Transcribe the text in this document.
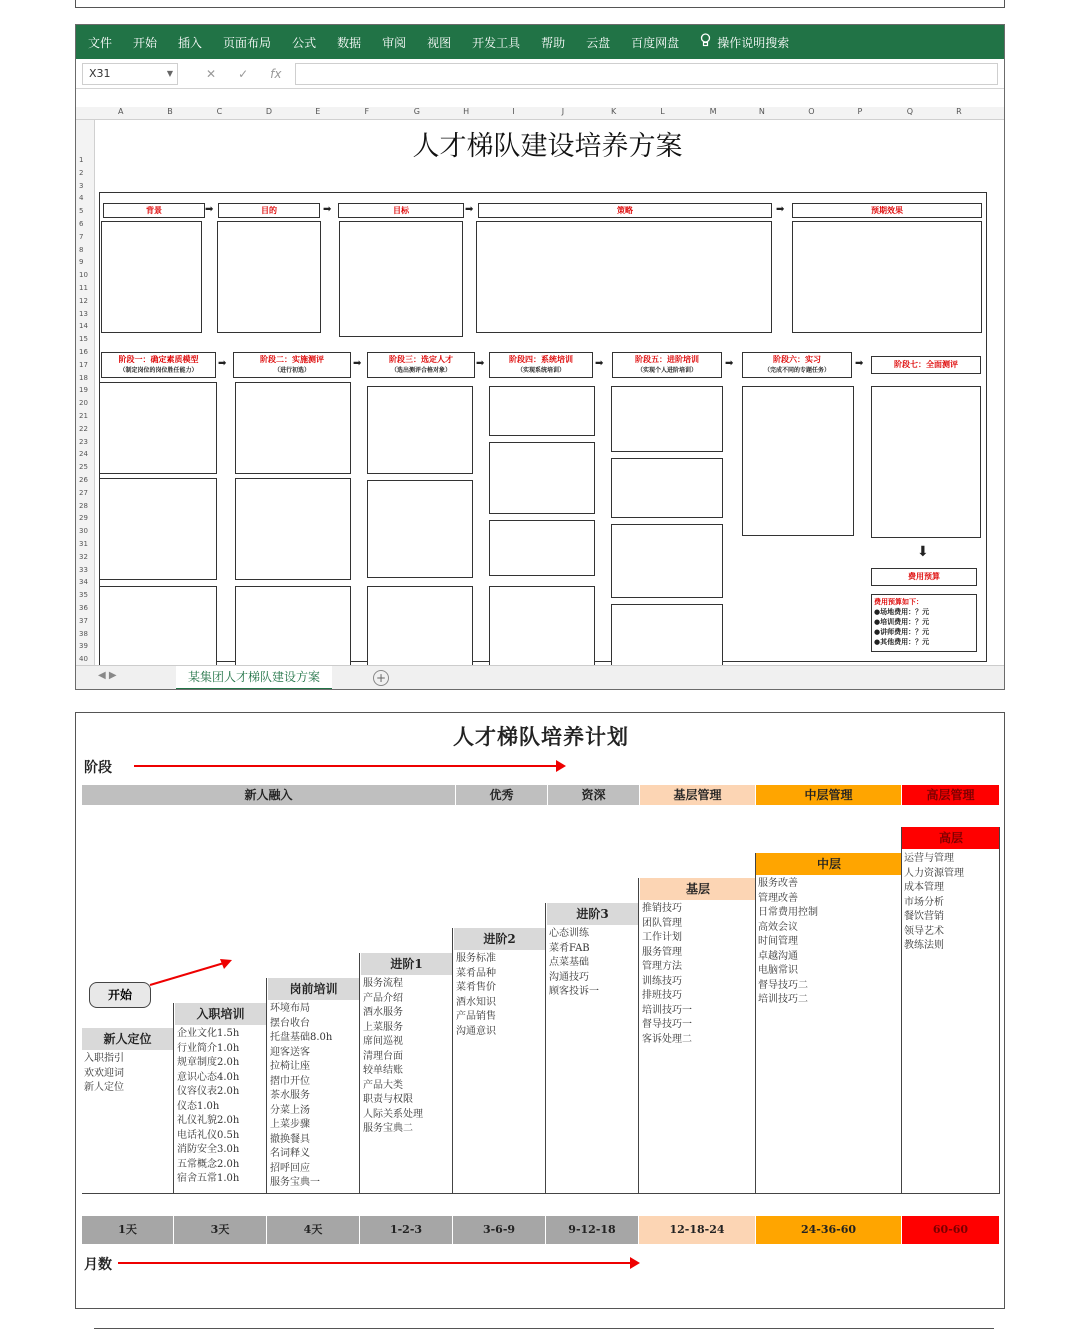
文件 开始 插入 页面布局 公式 数据 审阅 视图 开发工具 帮助 云盘 百度网盘	操作说明搜索
X31	▼	✕ ✓ fx
A	B	C	D	E	F	G	H	I	J	K	L	M	N	O	P	Q	R
1
2
3
4
5
6
7
8
9
10
11
12
13
14
15
16
17
18
19
20
21
22
23
24
25
26
27
28
29
30
31
32
33
34
35
36
37
38
39
40
人才梯队建设培养方案
背景	➡	目的	➡	目标	➡	策略	➡	预期效果
阶段一：确定素质模型
（制定岗位的岗位胜任能力）
➡	阶段二：实施测评
（进行初选）
➡	阶段三：选定人才
（选出测评合格对象）
➡	阶段四：系统培训
（实现系统培训）
➡	阶段五：进阶培训
（实现个人进阶培训）
➡	阶段六：实习
（完成不同的专题任务）
➡	阶段七：全面测评
⬇
费用预算
费用预算如下：
●场地费用：？元
●培训费用：？元
●讲师费用：？元
●其他费用：？元
◀ ▶	某集团人才梯队建设方案	+
人才梯队培养计划
阶段
新人融入	优秀	资深	基层管理	中层管理	高层管理
开始
新人定位
入职指引
欢欢迎词
新人定位
入职培训
企业文化1.5h
行业简介1.0h
规章制度2.0h
意识心态4.0h
仪容仪表2.0h
仪态1.0h
礼仪礼貌2.0h
电话礼仪0.5h
消防安全3.0h
五常概念2.0h
宿舍五常1.0h
岗前培训
环境布局
摆台收台
托盘基础8.0h
迎客送客
拉椅让座
摺巾开位
茶水服务
分菜上汤
上菜步骤
撤换餐具
名词释义
招呼回应
服务宝典一
进阶1
服务流程
产品介绍
酒水服务
上菜服务
席间巡视
清理台面
较单结账
产品大类
职责与权限
人际关系处理
服务宝典二
进阶2
服务标准
菜肴品种
菜肴售价
酒水知识
产品销售
沟通意识
进阶3
心态训练
菜肴FAB
点菜基础
沟通技巧
顾客投诉一
基层
推销技巧
团队管理
工作计划
服务管理
管理方法
训练技巧
排班技巧
培训技巧一
督导技巧一
客诉处理二
中层
服务改善
管理改善
日常费用控制
高效会议
时间管理
卓越沟通
电脑常识
督导技巧二
培训技巧二
高层
运营与管理
人力资源管理
成本管理
市场分析
餐饮营销
领导艺术
教练法则
1天	3天	4天	1-2-3	3-6-9	9-12-18	12-18-24	24-36-60	60-60
月数
